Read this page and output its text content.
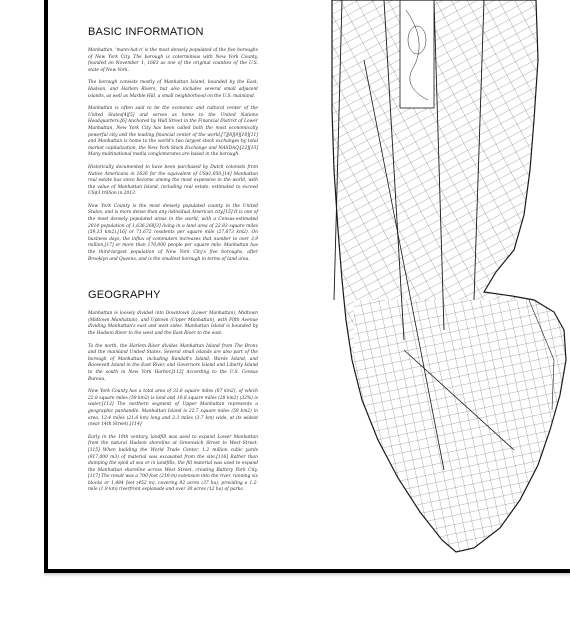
BASIC INFORMATION

Manhattan, 'mann-hat-n' is the most densely populated of the five boroughs of New York City. The borough is coterminous with New York County, founded on November 1, 1683 as one of the original counties of the U.S. state of New York.

The borough consists mostly of Manhattan Island, bounded by the East, Hudson, and Harlem Rivers, but also includes several small adjacent islands, as well as Marble Hill, a small neighborhood on the U.S. mainland.

Manhattan is often said to be the economic and cultural center of the United States[4][5] and serves as home to the United Nations Headquarters.[6] Anchored by Wall Street in the Financial District of Lower Manhattan, New York City has been called both the most economically powerful city and the leading financial center of the world,[7][8][9][10][11] and Manhattan is home to the world's two largest stock exchanges by total market capitalization, the New York Stock Exchange and NASDAQ.[12][13] Many multinational media conglomerates are based in the borough.

Historically documented to have been purchased by Dutch colonists from Native Americans in 1626 for the equivalent of US$1,050,[14] Manhattan real estate has since become among the most expensive in the world, with the value of Manhattan Island, including real estate, estimated to exceed US$3 trillion in 2013.

New York County is the most densely populated county in the United States, and is more dense than any individual American city.[15] It is one of the most densely populated areas in the world, with a Census-estimated 2014 population of 1,636,268[3] living in a land area of 22.83 square miles (59.13 km2),[16] or 71,672 residents per square mile (27,673 km2). On business days, the influx of commuters increases that number to over 3.9 million,[17] or more than 170,000 people per square mile. Manhattan has the third-largest population of New York City's five boroughs, after Brooklyn and Queens, and is the smallest borough in terms of land area.

GEOGRAPHY

Manhattan is loosely divided into Downtown (Lower Manhattan), Midtown (Midtown Manhattan), and Uptown (Upper Manhattan), with Fifth Avenue dividing Manhattan's east and west sides. Manhattan Island is bounded by the Hudson River to the west and the East River to the east.

To the north, the Harlem River divides Manhattan Island from The Bronx and the mainland United States. Several small islands are also part of the borough of Manhattan, including Randall's Island, Wards Island, and Roosevelt Island in the East River, and Governors Island and Liberty Island to the south in New York Harbor.[112] According to the U.S. Census Bureau,

New York County has a total area of 33.6 square miles (87 km2), of which 22.8 square miles (59 km2) is land and 10.8 square miles (28 km2) (32%) is water.[113] The northern segment of Upper Manhattan represents a geographic panhandle. Manhattan Island is 22.7 square miles (59 km2) in area, 13.4 miles (21.6 km) long and 2.3 miles (3.7 km) wide, at its widest (near 14th Street).[114]

Early in the 19th century, landfill was used to expand Lower Manhattan from the natural Hudson shoreline at Greenwich Street to West Street.[115] When building the World Trade Center, 1.2 million cubic yards (917,000 m3) of material was excavated from the site.[116] Rather than dumping the spoil at sea or in landfills, the fill material was used to expand the Manhattan shoreline across West Street, creating Battery Park City.[117] The result was a 700-foot (210-m) extension into the river, running six blocks or 1,484 feet (452 m), covering 92 acres (37 ha), providing a 1.2-mile (1.9 km) riverfront esplanade and over 30 acres (12 ha) of parks.
